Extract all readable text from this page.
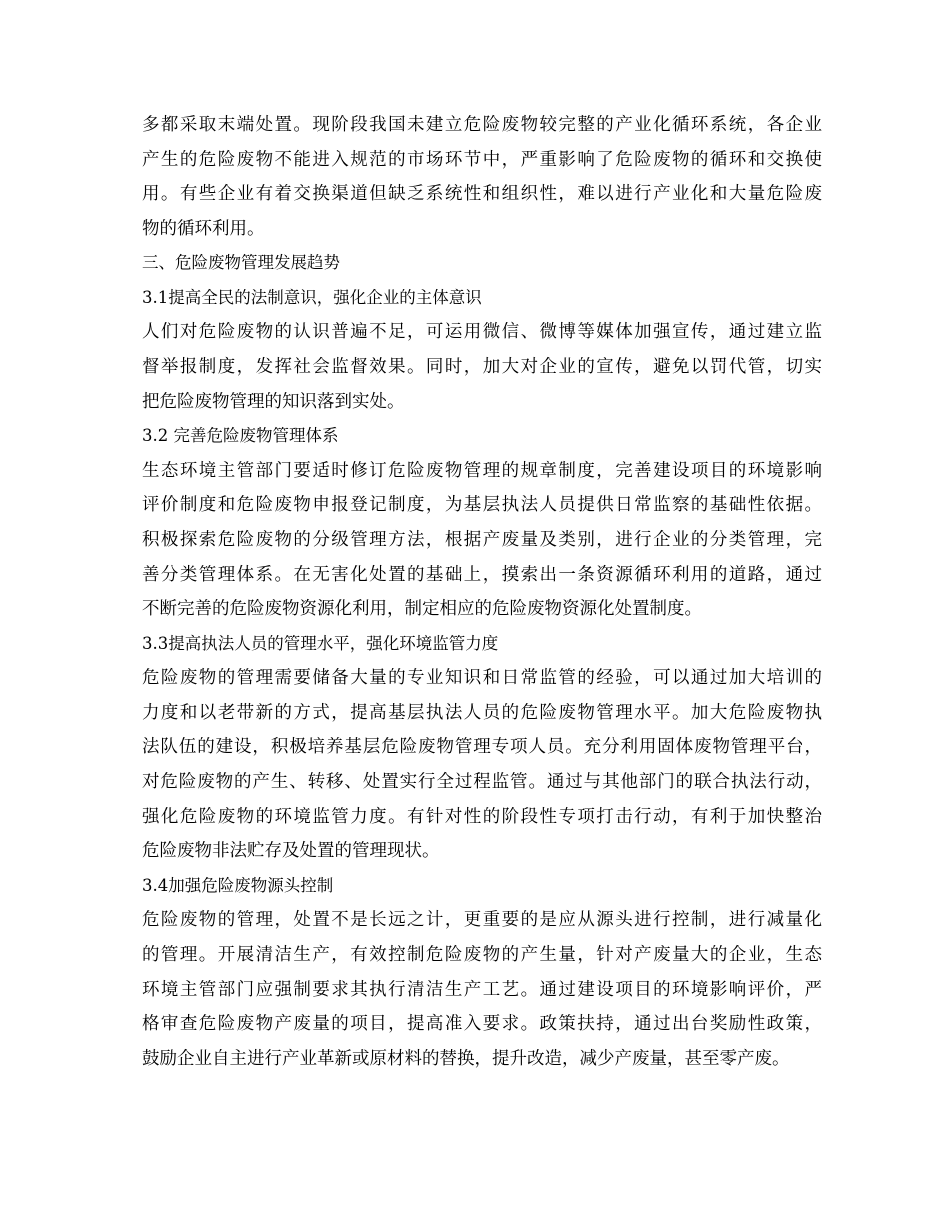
多都采取末端处置。现阶段我国未建立危险废物较完整的产业化循环系统，各企业

产生的危险废物不能进入规范的市场环节中，严重影响了危险废物的循环和交换使

用。有些企业有着交换渠道但缺乏系统性和组织性，难以进行产业化和大量危险废

物的循环利用。

三、危险废物管理发展趋势

3.1提高全民的法制意识，强化企业的主体意识

人们对危险废物的认识普遍不足，可运用微信、微博等媒体加强宣传，通过建立监

督举报制度，发挥社会监督效果。同时，加大对企业的宣传，避免以罚代管，切实

把危险废物管理的知识落到实处。

3.2 完善危险废物管理体系

生态环境主管部门要适时修订危险废物管理的规章制度，完善建设项目的环境影响

评价制度和危险废物申报登记制度，为基层执法人员提供日常监察的基础性依据。

积极探索危险废物的分级管理方法，根据产废量及类别，进行企业的分类管理，完

善分类管理体系。在无害化处置的基础上，摸索出一条资源循环利用的道路，通过

不断完善的危险废物资源化利用，制定相应的危险废物资源化处置制度。

3.3提高执法人员的管理水平，强化环境监管力度

危险废物的管理需要储备大量的专业知识和日常监管的经验，可以通过加大培训的

力度和以老带新的方式，提高基层执法人员的危险废物管理水平。加大危险废物执

法队伍的建设，积极培养基层危险废物管理专项人员。充分利用固体废物管理平台，

对危险废物的产生、转移、处置实行全过程监管。通过与其他部门的联合执法行动，

强化危险废物的环境监管力度。有针对性的阶段性专项打击行动，有利于加快整治

危险废物非法贮存及处置的管理现状。

3.4加强危险废物源头控制

危险废物的管理，处置不是长远之计，更重要的是应从源头进行控制，进行减量化

的管理。开展清洁生产，有效控制危险废物的产生量，针对产废量大的企业，生态

环境主管部门应强制要求其执行清洁生产工艺。通过建设项目的环境影响评价，严

格审查危险废物产废量的项目，提高准入要求。政策扶持，通过出台奖励性政策，

鼓励企业自主进行产业革新或原材料的替换，提升改造，减少产废量，甚至零产废。
